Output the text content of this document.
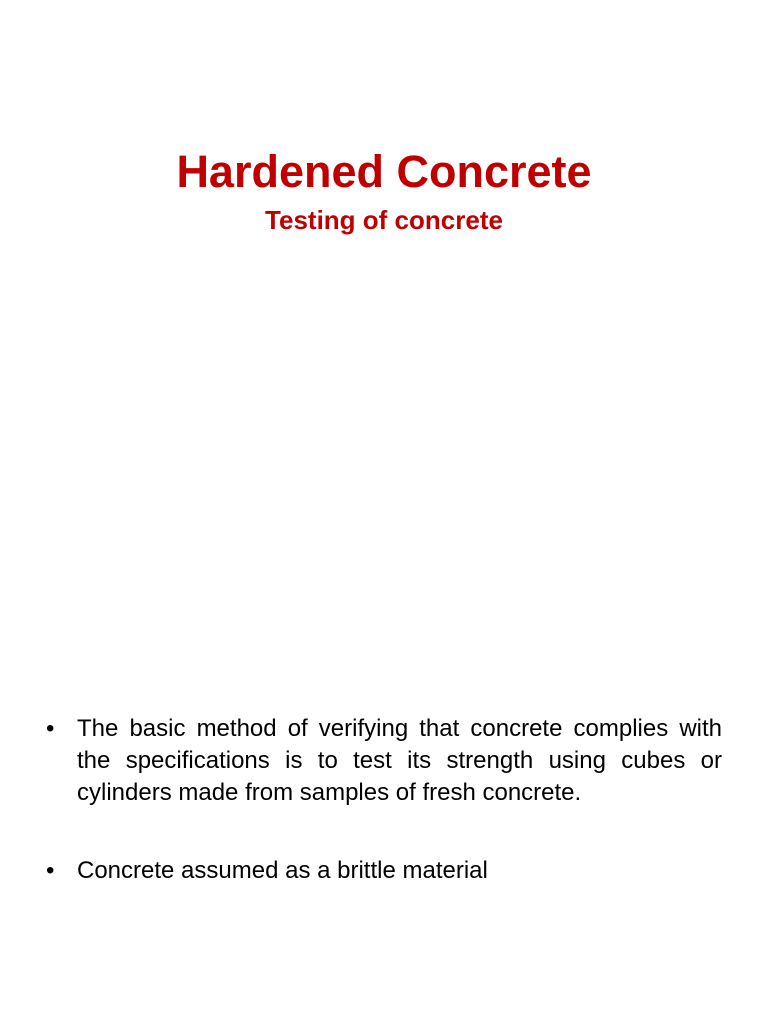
Hardened Concrete
Testing of concrete
• The basic method of verifying that concrete complies with the specifications is to test its strength using cubes or cylinders made from samples of fresh concrete.
• Concrete assumed as a brittle material
